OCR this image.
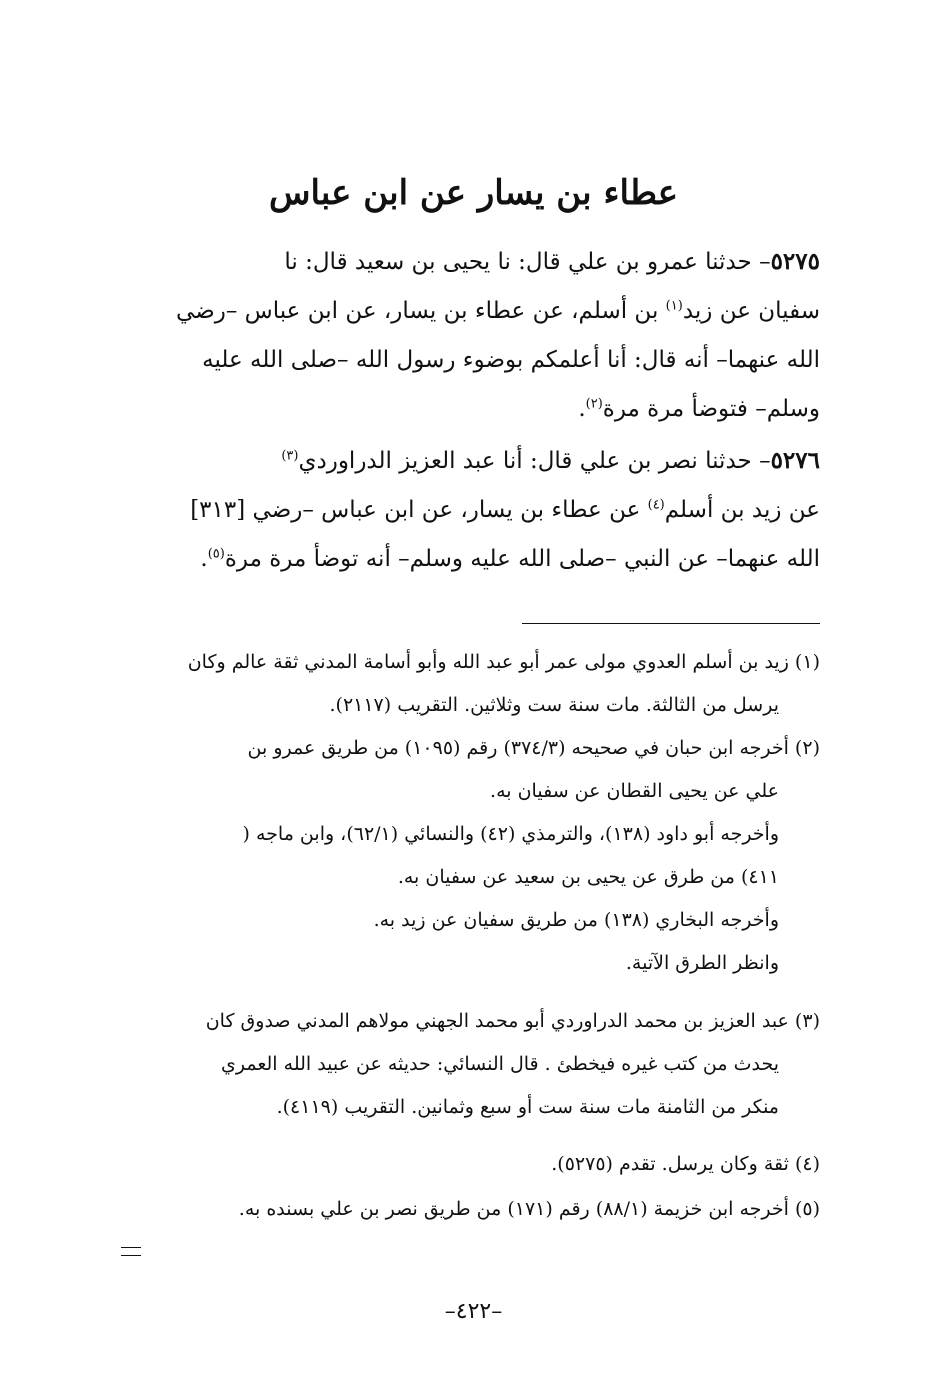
عطاء بن يسار عن ابن عباس
٥٢٧٥– حدثنا عمرو بن علي قال: نا يحيى بن سعيد قال: نا
سفيان عن زيد$^{(١)}$ بن أسلم، عن عطاء بن يسار، عن ابن عباس –رضي
الله عنهما– أنه قال: أنا أعلمكم بوضوء رسول الله –صلى الله عليه
وسلم– فتوضأ مرة مرة$^{(٢)}$.
٥٢٧٦– حدثنا نصر بن علي قال: أنا عبد العزيز الدراوردي$^{(٣)}$
عن زيد بن أسلم$^{(٤)}$ عن عطاء بن يسار، عن ابن عباس –رضي [٣١٣]
الله عنهما– عن النبي –صلى الله عليه وسلم– أنه توضأ مرة مرة$^{(٥)}$.
(١) زيد بن أسلم العدوي مولى عمر أبو عبد الله وأبو أسامة المدني ثقة عالم وكان
يرسل من الثالثة. مات سنة ست وثلاثين. التقريب (٢١١٧).
(٢) أخرجه ابن حبان في صحيحه (٣٧٤/٣) رقم (١٠٩٥) من طريق عمرو بن
علي عن يحيى القطان عن سفيان به.
وأخرجه أبو داود (١٣٨)، والترمذي (٤٢) والنسائي (٦٢/١)، وابن ماجه (
٤١١) من طرق عن يحيى بن سعيد عن سفيان به.
وأخرجه البخاري (١٣٨) من طريق سفيان عن زيد به.
وانظر الطرق الآتية.
(٣) عبد العزيز بن محمد الدراوردي أبو محمد الجهني مولاهم المدني صدوق كان
يحدث من كتب غيره فيخطئ . قال النسائي: حديثه عن عبيد الله العمري
منكر من الثامنة مات سنة ست أو سبع وثمانين. التقريب (٤١١٩).
(٤) ثقة وكان يرسل. تقدم (٥٢٧٥).
(٥) أخرجه ابن خزيمة (٨٨/١) رقم (١٧١) من طريق نصر بن علي بسنده به.
–٤٢٢–
